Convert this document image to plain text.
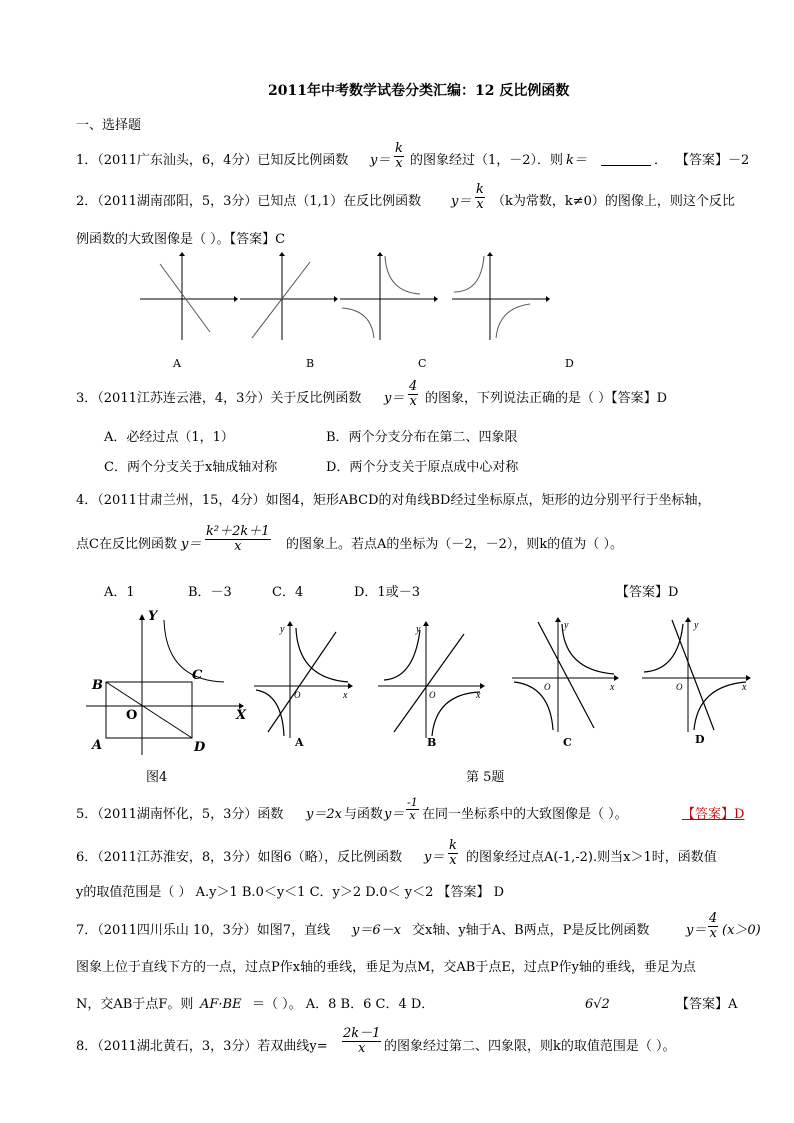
2011年中考数学试卷分类汇编：12 反比例函数
一、选择题
1．（2011广东汕头，6，4分）已知反比例函数 $y= \frac{k}{x}$ 的图象经过（1，－2）．则 k＝	． 【答案】－2
2．（2011湖南邵阳，5，3分）已知点（1,1）在反比例函数 $y= \frac{k}{x} (k$为常数，k≠0）的图像上，则这个反比
例函数的大致图像是（ ）。【答案】C
A	B	C	D
3．（2011江苏连云港，4，3分）关于反比例函数 $y= \frac{4}{x}$ 的图象，下列说法正确的是（ ）【答案】D
A．必经过点（1，1）	B．两个分支分布在第二、四象限
C．两个分支关于x轴成轴对称	D．两个分支关于原点成中心对称
4．（2011甘肃兰州，15，4分）如图4，矩形ABCD的对角线BD经过坐标原点，矩形的边分别平行于坐标轴，
点C在反比例函数 $y= \frac{\text{k²＋2k＋1}}{x}$ 的图象上。若点A的坐标为（－2，－2），则k的值为（ ）。
A．1	B．－3	C．4	D．1或－3	【答案】D
Y
X
O
A
B
C
D
图4
y
x
O
y
x
O
y
x
O
y
x
O
A	B	C	D
第 5题
5．（2011湖南怀化，5，3分）函数 y＝2x 与函数 $y= \frac{-1}{x}$ 在同一坐标系中的大致图像是（ ）。	【答案】D
6．（2011江苏淮安，8，3分）如图6（略），反比例函数 $y= \frac{k}{x}$ 的图象经过点A(-1,-2).则当x＞1时，函数值
y的取值范围是（ ） A.y＞1 B.0＜y＜1 C．y＞2 D.0＜ y＜2 【答案】 D
7．（2011四川乐山 10，3分）如图7，直线 y＝6－x 交x轴、y轴于A、B两点，P是反比例函数	$y= \frac{4}{x} (x>0)$
图象上位于直线下方的一点，过点P作x轴的垂线，垂足为点M，交AB于点E，过点P作y轴的垂线，垂足为点
N，交AB于点F。则 AF·BE ＝（ ）。 A．8 B．6 C．4 D．	6√2	【答案】A
8．（2011湖北黄石，3，3分）若双曲线$y= \frac{2k-1}{x}$ 的图象经过第二、四象限，则k的取值范围是（ ）。
